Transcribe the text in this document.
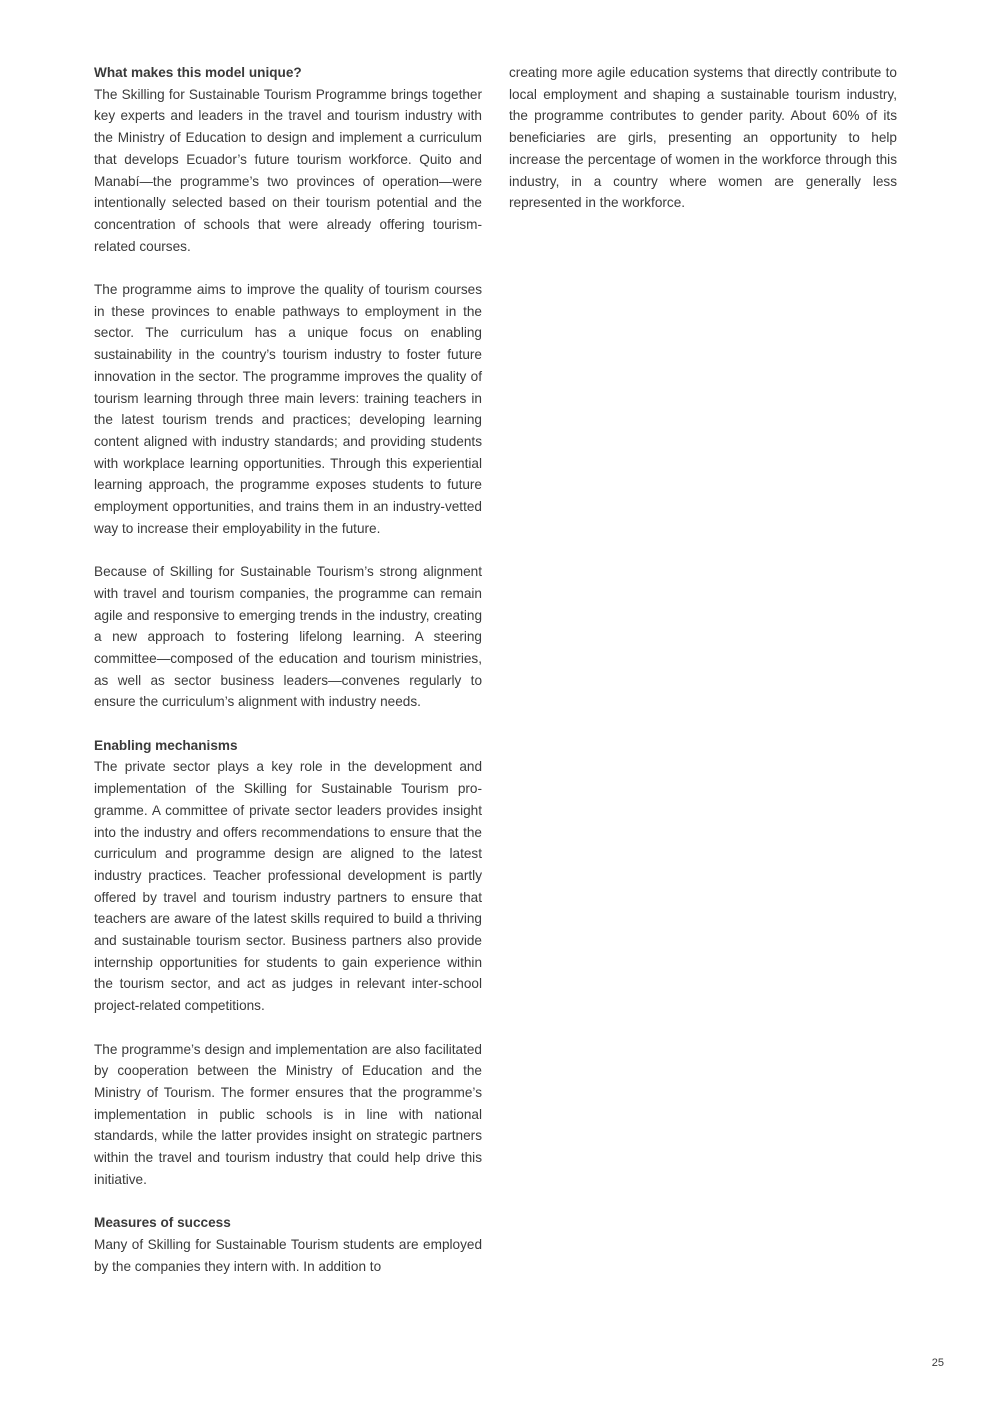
What makes this model unique?

The Skilling for Sustainable Tourism Programme brings together key experts and leaders in the travel and tourism industry with the Ministry of Education to design and implement a curriculum that develops Ecuador’s future tourism workforce. Quito and Manabí—the programme’s two provinces of operation—were intentionally selected based on their tourism potential and the concentration of schools that were already offering tourism-related courses.

The programme aims to improve the quality of tourism courses in these provinces to enable pathways to employment in the sector. The curriculum has a unique focus on enabling sustainability in the country’s tourism industry to foster future innovation in the sector. The programme improves the quality of tourism learning through three main levers: training teachers in the latest tourism trends and practices; developing learning content aligned with industry standards; and providing students with workplace learning opportunities. Through this experiential learning approach, the programme exposes students to future employment opportunities, and trains them in an industry-vetted way to increase their employability in the future.

Because of Skilling for Sustainable Tourism’s strong alignment with travel and tourism companies, the programme can remain agile and responsive to emerging trends in the industry, creating a new approach to fostering lifelong learning. A steering committee—composed of the education and tourism ministries, as well as sector business leaders—convenes regularly to ensure the curriculum’s alignment with industry needs.

Enabling mechanisms

The private sector plays a key role in the development and implementation of the Skilling for Sustainable Tourism programme. A committee of private sector leaders provides insight into the industry and offers recommendations to ensure that the curriculum and programme design are aligned to the latest industry practices. Teacher professional development is partly offered by travel and tourism industry partners to ensure that teachers are aware of the latest skills required to build a thriving and sustainable tourism sector. Business partners also provide internship opportunities for students to gain experience within the tourism sector, and act as judges in relevant inter-school project-related competitions.

The programme’s design and implementation are also facilitated by cooperation between the Ministry of Education and the Ministry of Tourism. The former ensures that the programme’s implementation in public schools is in line with national standards, while the latter provides insight on strategic partners within the travel and tourism industry that could help drive this initiative.

Measures of success

Many of Skilling for Sustainable Tourism students are employed by the companies they intern with. In addition to

creating more agile education systems that directly contribute to local employment and shaping a sustainable tourism industry, the programme contributes to gender parity. About 60% of its beneficiaries are girls, presenting an opportunity to help increase the percentage of women in the workforce through this industry, in a country where women are generally less represented in the workforce.

25
